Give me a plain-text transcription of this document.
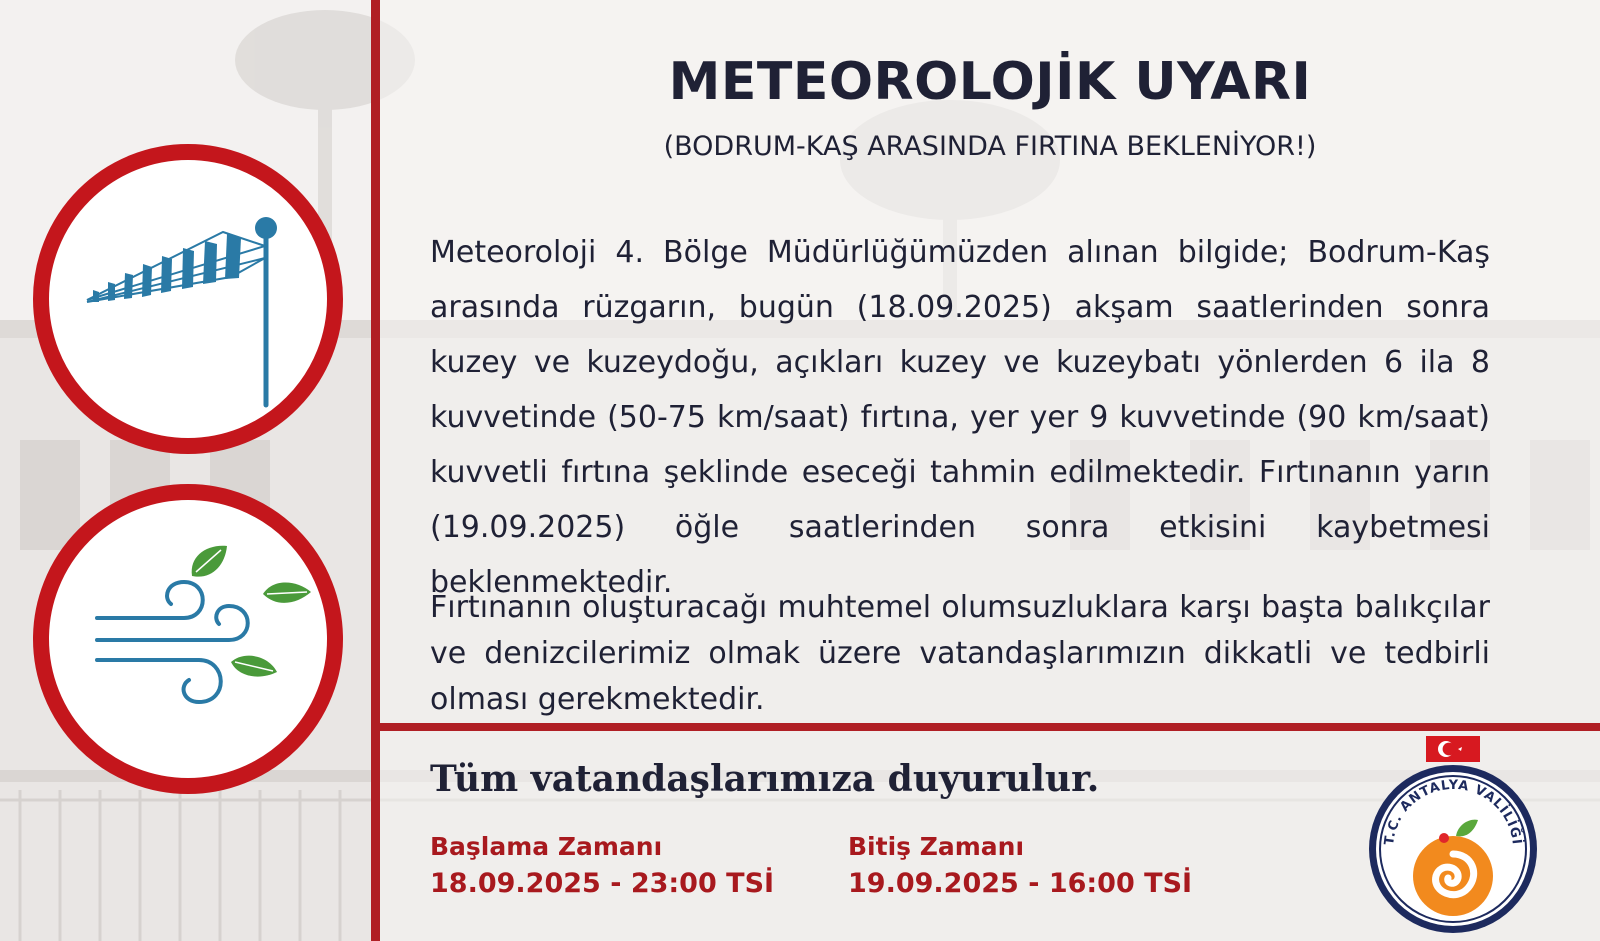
METEOROLOJİK UYARI
(BODRUM-KAŞ ARASINDA FIRTINA BEKLENİYOR!)

Meteoroloji 4. Bölge Müdürlüğümüzden alınan bilgide; Bodrum-Kaş arasında rüzgarın, bugün (18.09.2025) akşam saatlerinden sonra kuzey ve kuzeydoğu, açıkları kuzey ve kuzeybatı yönlerden 6 ila 8 kuvvetinde (50-75 km/saat) fırtına, yer yer 9 kuvvetinde (90 km/saat) kuvvetli fırtına şeklinde eseceği tahmin edilmektedir. Fırtınanın yarın (19.09.2025) öğle saatlerinden sonra etkisini kaybetmesi beklenmektedir.

Fırtınanın oluşturacağı muhtemel olumsuzluklara karşı başta balıkçılar ve denizcilerimiz olmak üzere vatandaşlarımızın dikkatli ve tedbirli olması gerekmektedir.

Tüm vatandaşlarımıza duyurulur.
Başlama Zamanı
18.09.2025 - 23:00 TSİ
Bitiş Zamanı
19.09.2025 - 16:00 TSİ
T.C. ANTALYA VALİLİĞİ
